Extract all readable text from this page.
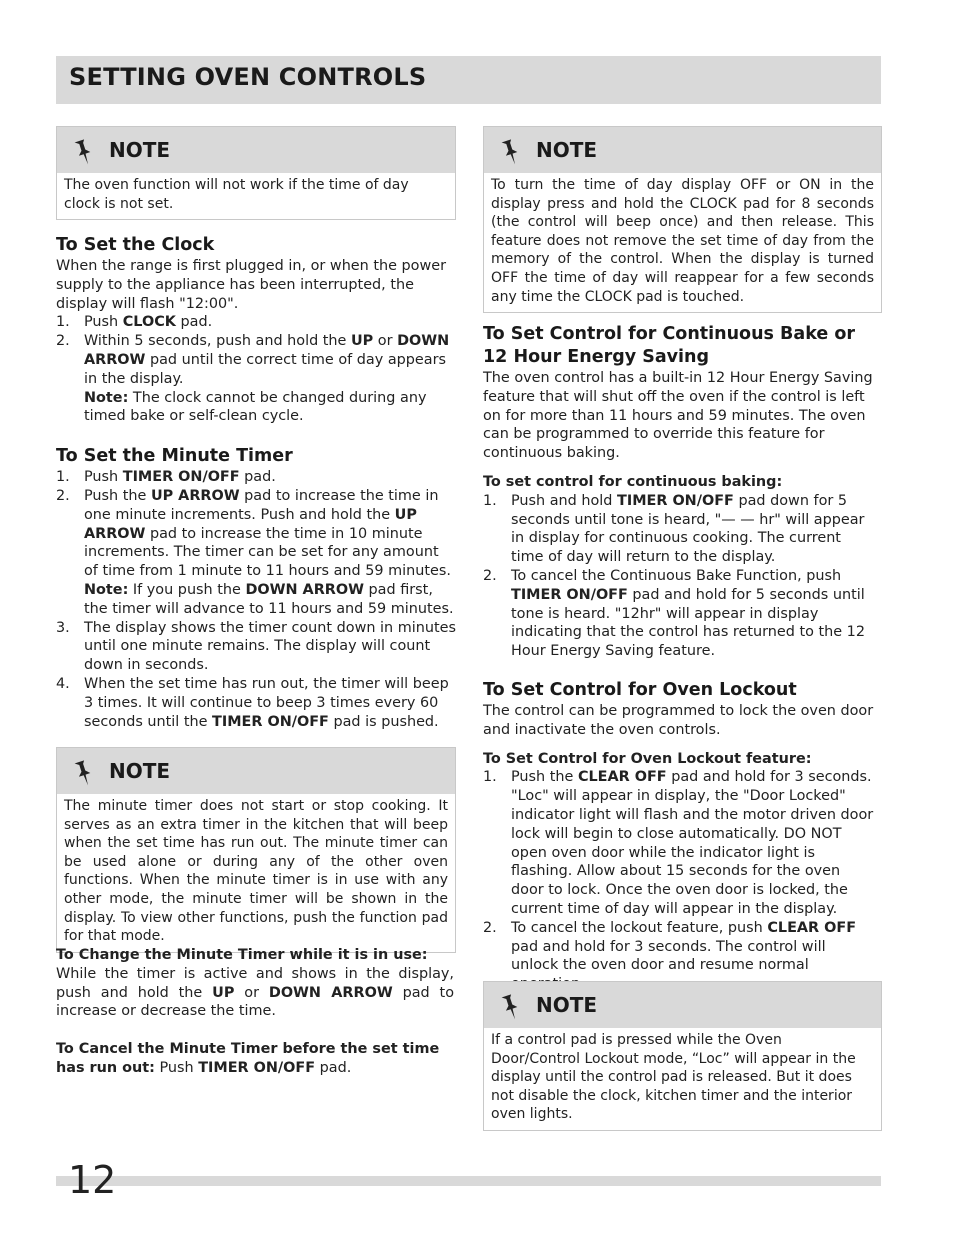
SETTING OVEN CONTROLS
NOTE
The oven function will not work if the time of day clock is not set.
To Set the Clock

When the range is first plugged in, or when the power supply to the appliance has been interrupted, the display will flash "12:00".

1. Push CLOCK pad.
2. Within 5 seconds, push and hold the UP or DOWN ARROW pad until the correct time of day appears in the display.
Note: The clock cannot be changed during any timed bake or self-clean cycle.
To Set the Minute Timer
1. Push TIMER ON/OFF pad.
2. Push the UP ARROW pad to increase the time in one minute increments. Push and hold the UP ARROW pad to increase the time in 10 minute increments. The timer can be set for any amount of time from 1 minute to 11 hours and 59 minutes.
Note: If you push the DOWN ARROW pad first, the timer will advance to 11 hours and 59 minutes.
3. The display shows the timer count down in minutes until one minute remains. The display will count down in seconds.
4. When the set time has run out, the timer will beep 3 times. It will continue to beep 3 times every 60 seconds until the TIMER ON/OFF pad is pushed.
NOTE
The minute timer does not start or stop cooking. It serves as an extra timer in the kitchen that will beep when the set time has run out. The minute timer can be used alone or during any of the other oven functions. When the minute timer is in use with any other mode, the minute timer will be shown in the display. To view other functions, push the function pad for that mode.
To Change the Minute Timer while it is in use:

While the timer is active and shows in the display, push and hold the UP or DOWN ARROW pad to increase or decrease the time.

To Cancel the Minute Timer before the set time has run out: Push TIMER ON/OFF pad.

NOTE
To turn the time of day display OFF or ON in the display press and hold the CLOCK pad for 8 seconds (the control will beep once) and then release. This feature does not remove the set time of day from the memory of the control. When the display is turned OFF the time of day will reappear for a few seconds any time the CLOCK pad is touched.
To Set Control for Continuous Bake or 12 Hour Energy Saving

The oven control has a built-in 12 Hour Energy Saving feature that will shut off the oven if the control is left on for more than 11 hours and 59 minutes. The oven can be programmed to override this feature for continuous baking.

To set control for continuous baking:
1. Push and hold TIMER ON/OFF pad down for 5 seconds until tone is heard, "— — hr" will appear in display for continuous cooking. The current time of day will return to the display.
2. To cancel the Continuous Bake Function, push TIMER ON/OFF pad and hold for 5 seconds until tone is heard. "12hr" will appear in display indicating that the control has returned to the 12 Hour Energy Saving feature.
To Set Control for Oven Lockout

The control can be programmed to lock the oven door and inactivate the oven controls.

To Set Control for Oven Lockout feature:
1. Push the CLEAR OFF pad and hold for 3 seconds. "Loc" will appear in display, the "Door Locked" indicator light will flash and the motor driven door lock will begin to close automatically. DO NOT open oven door while the indicator light is flashing. Allow about 15 seconds for the oven door to lock. Once the oven door is locked, the current time of day will appear in the display.
2. To cancel the lockout feature, push CLEAR OFF pad and hold for 3 seconds. The control will unlock the oven door and resume normal
NOTE
If a control pad is pressed while the Oven Door/Control Lockout mode, “Loc” will appear in the display until the control pad is released. But it does not disable the clock, kitchen timer and the interior oven lights.
12
